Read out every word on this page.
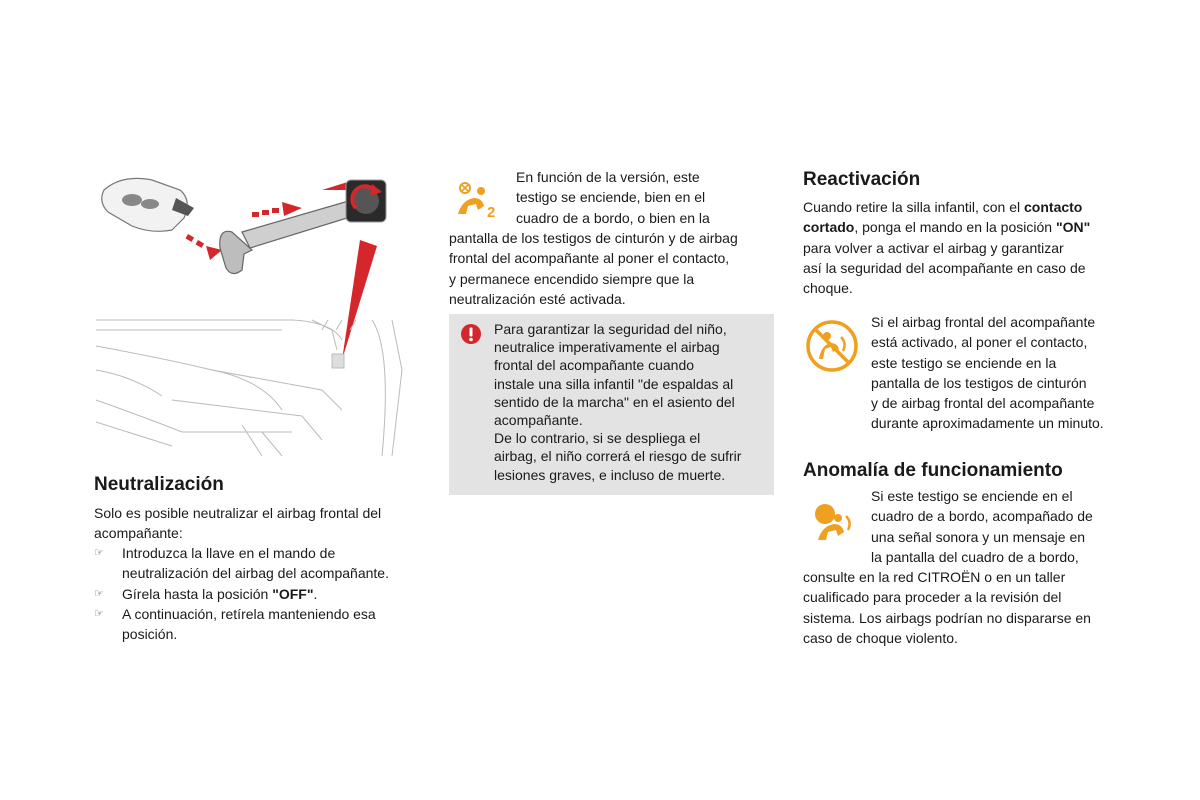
Neutralización

Solo es posible neutralizar el airbag frontal del

acompañante:

☞	Introduzca la llave en el mando de

neutralización del airbag del acompañante.

☞	Gírela hasta la posición "OFF".

☞	A continuación, retírela manteniendo esa

posición.

2

En función de la versión, este

testigo se enciende, bien en el

cuadro de a bordo, o bien en la

pantalla de los testigos de cinturón y de airbag

frontal del acompañante al poner el contacto,

y permanece encendido siempre que la

neutralización esté activada.

Para garantizar la seguridad del niño,

neutralice imperativamente el airbag

frontal del acompañante cuando

instale una silla infantil "de espaldas al

sentido de la marcha" en el asiento del

acompañante.

De lo contrario, si se despliega el

airbag, el niño correrá el riesgo de sufrir

lesiones graves, e incluso de muerte.

Reactivación

Cuando retire la silla infantil, con el contacto

cortado, ponga el mando en la posición "ON"

para volver a activar el airbag y garantizar

así la seguridad del acompañante en caso de

choque.

Si el airbag frontal del acompañante

está activado, al poner el contacto,

este testigo se enciende en la

pantalla de los testigos de cinturón

y de airbag frontal del acompañante

durante aproximadamente un minuto.

Anomalía de funcionamiento

Si este testigo se enciende en el

cuadro de a bordo, acompañado de

una señal sonora y un mensaje en

la pantalla del cuadro de a bordo,

consulte en la red CITROËN o en un taller

cualificado para proceder a la revisión del

sistema. Los airbags podrían no dispararse en

caso de choque violento.
